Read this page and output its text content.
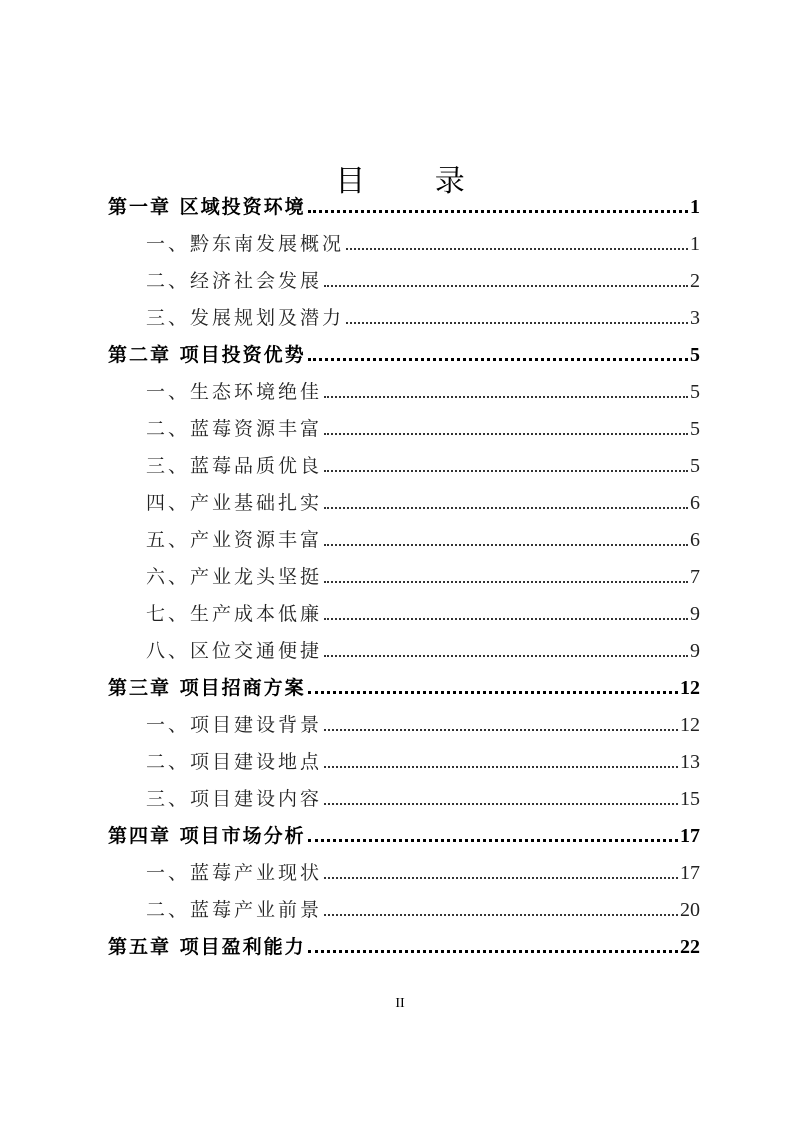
目 录
第一章 区域投资环境	1
一、黔东南发展概况	1
二、经济社会发展	2
三、发展规划及潜力	3
第二章 项目投资优势	5
一、生态环境绝佳	5
二、蓝莓资源丰富	5
三、蓝莓品质优良	5
四、产业基础扎实	6
五、产业资源丰富	6
六、产业龙头坚挺	7
七、生产成本低廉	9
八、区位交通便捷	9
第三章 项目招商方案	12
一、项目建设背景	12
二、项目建设地点	13
三、项目建设内容	15
第四章 项目市场分析	17
一、蓝莓产业现状	17
二、蓝莓产业前景	20
第五章 项目盈利能力	22
II
